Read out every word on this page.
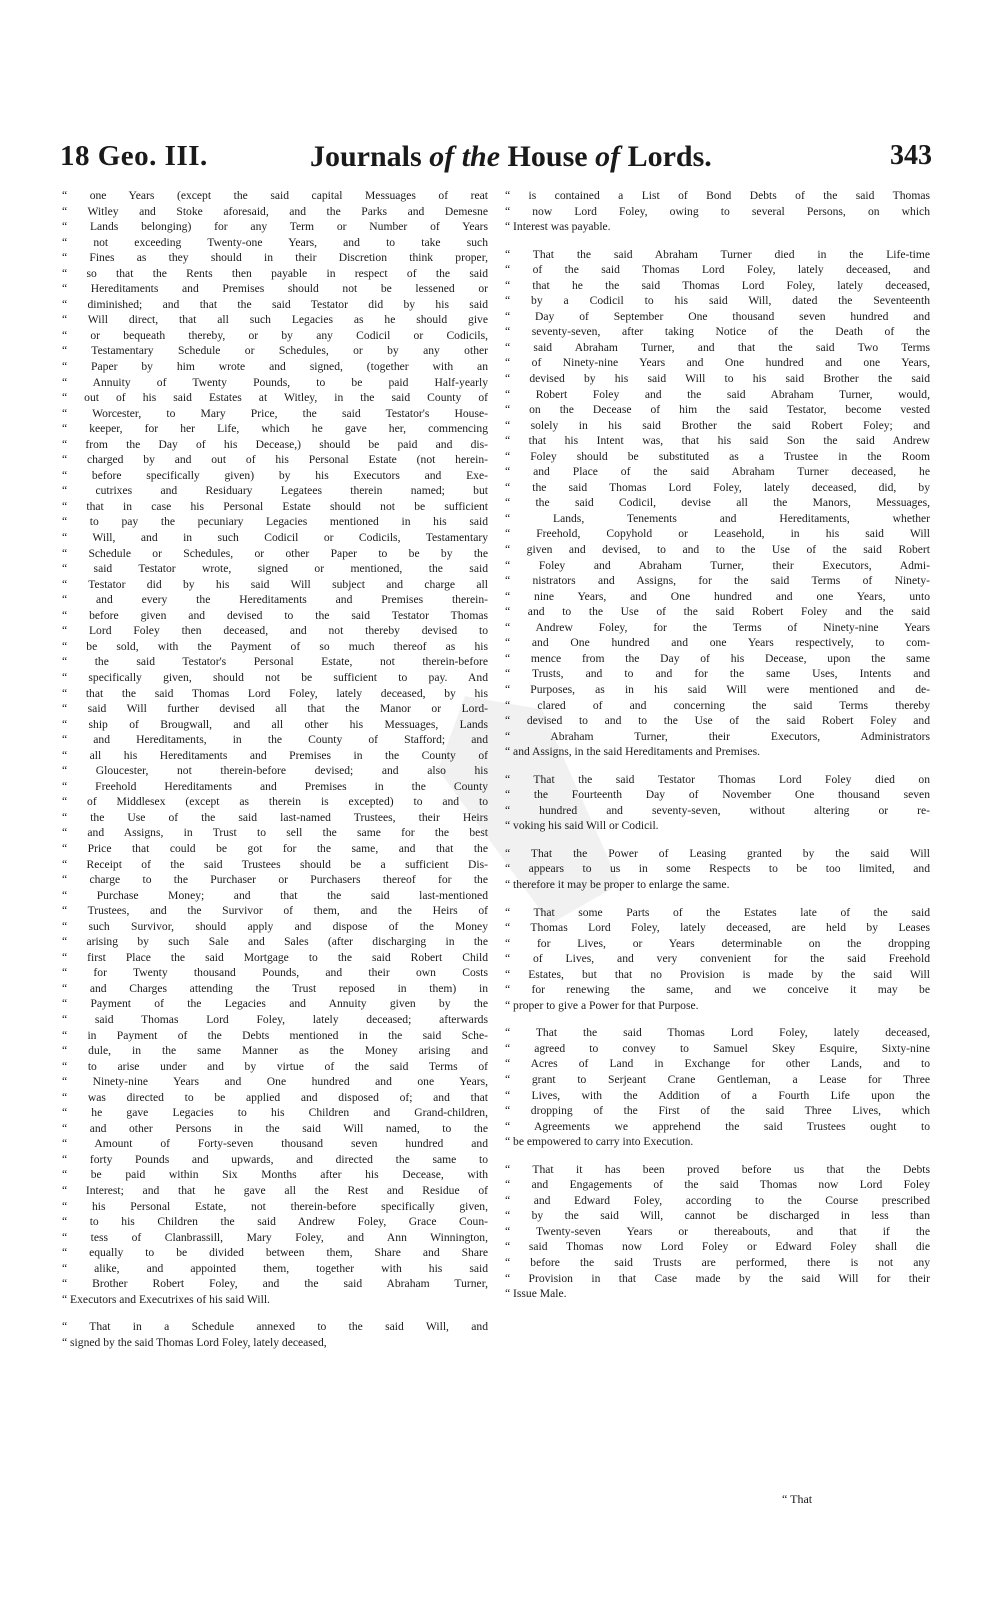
18 Geo. III.	Journals of the House of Lords.	343
“ one Years (except the said capital Messuages of reat
“ Witley and Stoke aforesaid, and the Parks and Demesne
“ Lands belonging) for any Term or Number of Years
“ not exceeding Twenty-one Years, and to take such
“ Fines as they should in their Discretion think proper,
“ so that the Rents then payable in respect of the said
“ Hereditaments and Premises should not be lessened or
“ diminished; and that the said Testator did by his said
“ Will direct, that all such Legacies as he should give
“ or bequeath thereby, or by any Codicil or Codicils,
“ Testamentary Schedule or Schedules, or by any other
“ Paper by him wrote and signed, (together with an
“ Annuity of Twenty Pounds, to be paid Half-yearly
“ out of his said Estates at Witley, in the said County of
“ Worcester, to Mary Price, the said Testator's House-
“ keeper, for her Life, which he gave her, commencing
“ from the Day of his Decease,) should be paid and dis-
“ charged by and out of his Personal Estate (not herein-
“ before specifically given) by his Executors and Exe-
“ cutrixes and Residuary Legatees therein named; but
“ that in case his Personal Estate should not be sufficient
“ to pay the pecuniary Legacies mentioned in his said
“ Will, and in such Codicil or Codicils, Testamentary
“ Schedule or Schedules, or other Paper to be by the
“ said Testator wrote, signed or mentioned, the said
“ Testator did by his said Will subject and charge all
“ and every the Hereditaments and Premises therein-
“ before given and devised to the said Testator Thomas
“ Lord Foley then deceased, and not thereby devised to
“ be sold, with the Payment of so much thereof as his
“ the said Testator's Personal Estate, not therein-before
“ specifically given, should not be sufficient to pay. And
“ that the said Thomas Lord Foley, lately deceased, by his
“ said Will further devised all that the Manor or Lord-
“ ship of Brougwall, and all other his Messuages, Lands
“ and Hereditaments, in the County of Stafford; and
“ all his Hereditaments and Premises in the County of
“ Gloucester, not therein-before devised; and also his
“ Freehold Hereditaments and Premises in the County
“ of Middlesex (except as therein is excepted) to and to
“ the Use of the said last-named Trustees, their Heirs
“ and Assigns, in Trust to sell the same for the best
“ Price that could be got for the same, and that the
“ Receipt of the said Trustees should be a sufficient Dis-
“ charge to the Purchaser or Purchasers thereof for the
“ Purchase Money; and that the said last-mentioned
“ Trustees, and the Survivor of them, and the Heirs of
“ such Survivor, should apply and dispose of the Money
“ arising by such Sale and Sales (after discharging in the
“ first Place the said Mortgage to the said Robert Child
“ for Twenty thousand Pounds, and their own Costs
“ and Charges attending the Trust reposed in them) in
“ Payment of the Legacies and Annuity given by the
“ said Thomas Lord Foley, lately deceased; afterwards
“ in Payment of the Debts mentioned in the said Sche-
“ dule, in the same Manner as the Money arising and
“ to arise under and by virtue of the said Terms of
“ Ninety-nine Years and One hundred and one Years,
“ was directed to be applied and disposed of; and that
“ he gave Legacies to his Children and Grand-children,
“ and other Persons in the said Will named, to the
“ Amount of Forty-seven thousand seven hundred and
“ forty Pounds and upwards, and directed the same to
“ be paid within Six Months after his Decease, with
“ Interest; and that he gave all the Rest and Residue of
“ his Personal Estate, not therein-before specifically given,
“ to his Children the said Andrew Foley, Grace Coun-
“ tess of Clanbrassill, Mary Foley, and Ann Winnington,
“ equally to be divided between them, Share and Share
“ alike, and appointed them, together with his said
“ Brother Robert Foley, and the said Abraham Turner,
“ Executors and Executrixes of his said Will.
“ That in a Schedule annexed to the said Will, and
“ signed by the said Thomas Lord Foley, lately deceased,
“ is contained a List of Bond Debts of the said Thomas
“ now Lord Foley, owing to several Persons, on which
“ Interest was payable.
“ That the said Abraham Turner died in the Life-time
“ of the said Thomas Lord Foley, lately deceased, and
“ that he the said Thomas Lord Foley, lately deceased,
“ by a Codicil to his said Will, dated the Seventeenth
“ Day of September One thousand seven hundred and
“ seventy-seven, after taking Notice of the Death of the
“ said Abraham Turner, and that the said Two Terms
“ of Ninety-nine Years and One hundred and one Years,
“ devised by his said Will to his said Brother the said
“ Robert Foley and the said Abraham Turner, would,
“ on the Decease of him the said Testator, become vested
“ solely in his said Brother the said Robert Foley; and
“ that his Intent was, that his said Son the said Andrew
“ Foley should be substituted as a Trustee in the Room
“ and Place of the said Abraham Turner deceased, he
“ the said Thomas Lord Foley, lately deceased, did, by
“ the said Codicil, devise all the Manors, Messuages,
“ Lands, Tenements and Hereditaments, whether
“ Freehold, Copyhold or Leasehold, in his said Will
“ given and devised, to and to the Use of the said Robert
“ Foley and Abraham Turner, their Executors, Admi-
“ nistrators and Assigns, for the said Terms of Ninety-
“ nine Years, and One hundred and one Years, unto
“ and to the Use of the said Robert Foley and the said
“ Andrew Foley, for the Terms of Ninety-nine Years
“ and One hundred and one Years respectively, to com-
“ mence from the Day of his Decease, upon the same
“ Trusts, and to and for the same Uses, Intents and
“ Purposes, as in his said Will were mentioned and de-
“ clared of and concerning the said Terms thereby
“ devised to and to the Use of the said Robert Foley and
“ Abraham Turner, their Executors, Administrators
“ and Assigns, in the said Hereditaments and Premises.
“ That the said Testator Thomas Lord Foley died on
“ the Fourteenth Day of November One thousand seven
“ hundred and seventy-seven, without altering or re-
“ voking his said Will or Codicil.
“ That the Power of Leasing granted by the said Will
“ appears to us in some Respects to be too limited, and
“ therefore it may be proper to enlarge the same.
“ That some Parts of the Estates late of the said
“ Thomas Lord Foley, lately deceased, are held by Leases
“ for Lives, or Years determinable on the dropping
“ of Lives, and very convenient for the said Freehold
“ Estates, but that no Provision is made by the said Will
“ for renewing the same, and we conceive it may be
“ proper to give a Power for that Purpose.
“ That the said Thomas Lord Foley, lately deceased,
“ agreed to convey to Samuel Skey Esquire, Sixty-nine
“ Acres of Land in Exchange for other Lands, and to
“ grant to Serjeant Crane Gentleman, a Lease for Three
“ Lives, with the Addition of a Fourth Life upon the
“ dropping of the First of the said Three Lives, which
“ Agreements we apprehend the said Trustees ought to
“ be empowered to carry into Execution.
“ That it has been proved before us that the Debts
“ and Engagements of the said Thomas now Lord Foley
“ and Edward Foley, according to the Course prescribed
“ by the said Will, cannot be discharged in less than
“ Twenty-seven Years or thereabouts, and that if the
“ said Thomas now Lord Foley or Edward Foley shall die
“ before the said Trusts are performed, there is not any
“ Provision in that Case made by the said Will for their
“ Issue Male.
“ That
